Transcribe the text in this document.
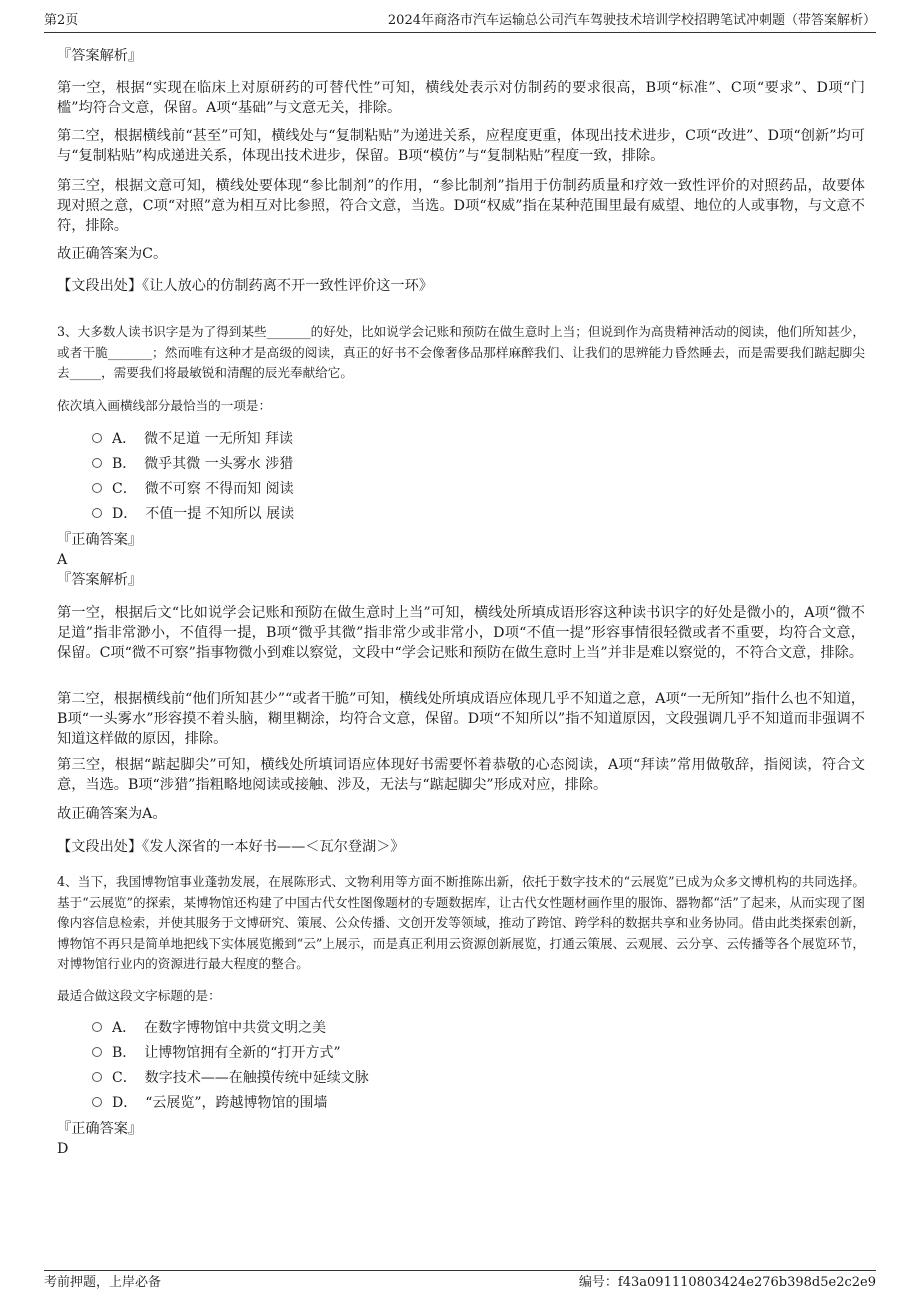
第2页	2024年商洛市汽车运输总公司汽车驾驶技术培训学校招聘笔试冲刺题（带答案解析）

『答案解析』

第一空，根据“实现在临床上对原研药的可替代性”可知，横线处表示对仿制药的要求很高，B项“标准”、C项“要求”、D项“门槛”均符合文意，保留。A项“基础”与文意无关，排除。

第二空，根据横线前“甚至”可知，横线处与“复制粘贴”为递进关系，应程度更重，体现出技术进步，C项“改进”、D项“创新”均可与“复制粘贴”构成递进关系，体现出技术进步，保留。B项“模仿”与“复制粘贴”程度一致，排除。

第三空，根据文意可知，横线处要体现“参比制剂”的作用，“参比制剂”指用于仿制药质量和疗效一致性评价的对照药品，故要体现对照之意，C项“对照”意为相互对比参照，符合文意，当选。D项“权威”指在某种范围里最有威望、地位的人或事物，与文意不符，排除。

故正确答案为C。

【文段出处】《让人放心的仿制药离不开一致性评价这一环》

3、大多数人读书识字是为了得到某些_______的好处，比如说学会记账和预防在做生意时上当；但说到作为高贵精神活动的阅读，他们所知甚少，或者干脆_______；然而唯有这种才是高级的阅读，真正的好书不会像奢侈品那样麻醉我们、让我们的思辨能力昏然睡去，而是需要我们踮起脚尖去_____，需要我们将最敏锐和清醒的辰光奉献给它。

依次填入画横线部分最恰当的一项是：

A． 微不足道 一无所知 拜读
B． 微乎其微 一头雾水 涉猎
C． 微不可察 不得而知 阅读
D． 不值一提 不知所以 展读

『正确答案』

A

『答案解析』

第一空，根据后文“比如说学会记账和预防在做生意时上当”可知，横线处所填成语形容这种读书识字的好处是微小的，A项“微不足道”指非常渺小，不值得一提，B项“微乎其微”指非常少或非常小，D项“不值一提”形容事情很轻微或者不重要，均符合文意，保留。C项“微不可察”指事物微小到难以察觉，文段中“学会记账和预防在做生意时上当”并非是难以察觉的，不符合文意，排除。

第二空，根据横线前“他们所知甚少”“或者干脆”可知，横线处所填成语应体现几乎不知道之意，A项“一无所知”指什么也不知道，B项“一头雾水”形容摸不着头脑，糊里糊涂，均符合文意，保留。D项“不知所以”指不知道原因，文段强调几乎不知道而非强调不知道这样做的原因，排除。

第三空，根据“踮起脚尖”可知，横线处所填词语应体现好书需要怀着恭敬的心态阅读，A项“拜读”常用做敬辞，指阅读，符合文意，当选。B项“涉猎”指粗略地阅读或接触、涉及，无法与“踮起脚尖”形成对应，排除。

故正确答案为A。

【文段出处】《发人深省的一本好书——＜瓦尔登湖＞》

4、当下，我国博物馆事业蓬勃发展，在展陈形式、文物利用等方面不断推陈出新，依托于数字技术的“云展览”已成为众多文博机构的共同选择。基于“云展览”的探索，某博物馆还构建了中国古代女性图像题材的专题数据库，让古代女性题材画作里的服饰、器物都“活”了起来，从而实现了图像内容信息检索，并使其服务于文博研究、策展、公众传播、文创开发等领域，推动了跨馆、跨学科的数据共享和业务协同。借由此类探索创新，博物馆不再只是简单地把线下实体展览搬到“云”上展示，而是真正利用云资源创新展览，打通云策展、云观展、云分享、云传播等各个展览环节，对博物馆行业内的资源进行最大程度的整合。

最适合做这段文字标题的是：

A． 在数字博物馆中共赏文明之美
B． 让博物馆拥有全新的“打开方式”
C． 数字技术——在触摸传统中延续文脉
D． “云展览”，跨越博物馆的围墙

『正确答案』

D

考前押题，上岸必备	编号：f43a091110803424e276b398d5e2c2e9
